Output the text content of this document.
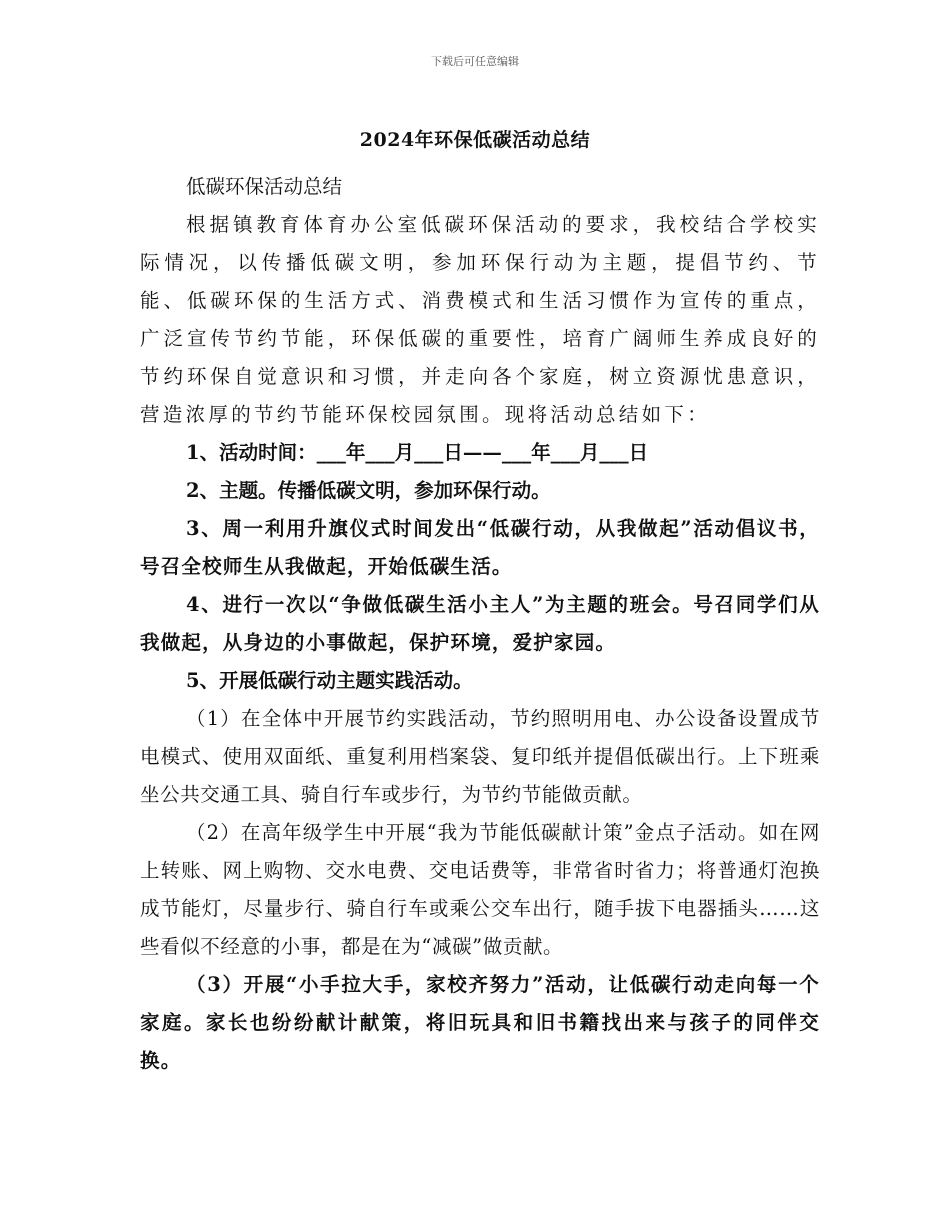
下载后可任意编辑
2024年环保低碳活动总结

低碳环保活动总结

根据镇教育体育办公室低碳环保活动的要求，我校结合学校实际情况，以传播低碳文明，参加环保行动为主题，提倡节约、节能、低碳环保的生活方式、消费模式和生活习惯作为宣传的重点，广泛宣传节约节能，环保低碳的重要性，培育广阔师生养成良好的节约环保自觉意识和习惯，并走向各个家庭，树立资源忧患意识，营造浓厚的节约节能环保校园氛围。现将活动总结如下：

1、活动时间：___年___月___日——___年___月___日

2、主题。传播低碳文明，参加环保行动。

3、周一利用升旗仪式时间发出“低碳行动，从我做起”活动倡议书，号召全校师生从我做起，开始低碳生活。

4、进行一次以“争做低碳生活小主人”为主题的班会。号召同学们从我做起，从身边的小事做起，保护环境，爱护家园。

5、开展低碳行动主题实践活动。

（1）在全体中开展节约实践活动，节约照明用电、办公设备设置成节电模式、使用双面纸、重复利用档案袋、复印纸并提倡低碳出行。上下班乘坐公共交通工具、骑自行车或步行，为节约节能做贡献。

（2）在高年级学生中开展“我为节能低碳献计策”金点子活动。如在网上转账、网上购物、交水电费、交电话费等，非常省时省力；将普通灯泡换成节能灯，尽量步行、骑自行车或乘公交车出行，随手拔下电器插头……这些看似不经意的小事，都是在为“减碳”做贡献。

（3）开展“小手拉大手，家校齐努力”活动，让低碳行动走向每一个家庭。家长也纷纷献计献策，将旧玩具和旧书籍找出来与孩子的同伴交换。
